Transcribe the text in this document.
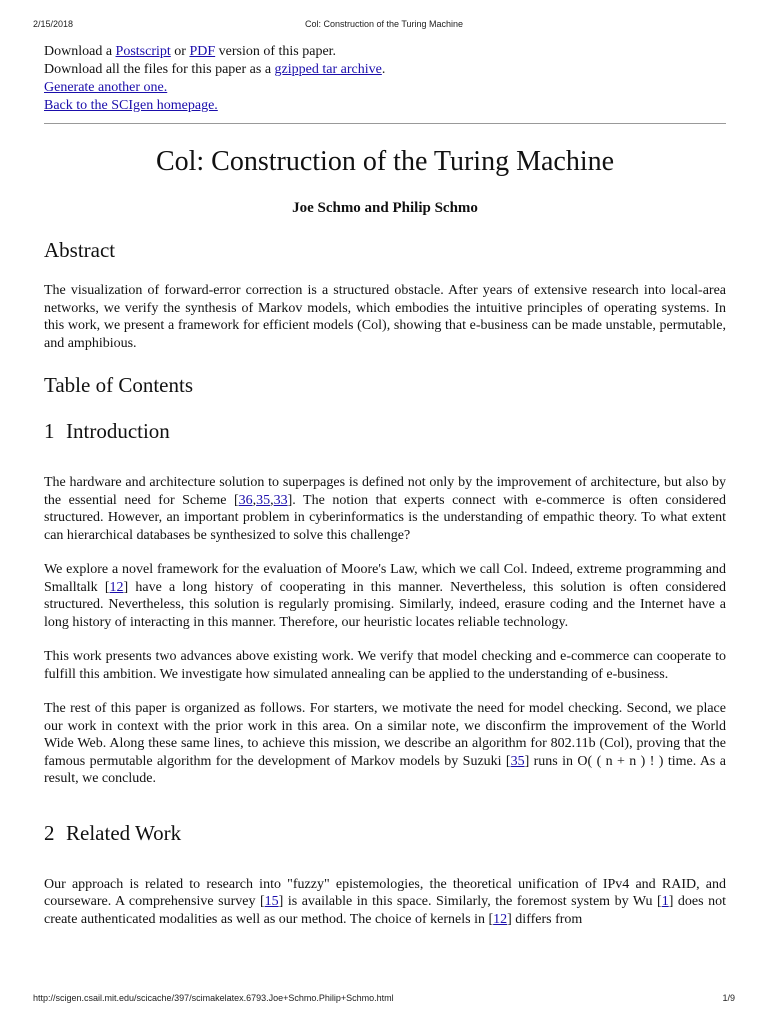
2/15/2018	Col: Construction of the Turing Machine
Download a Postscript or PDF version of this paper.
Download all the files for this paper as a gzipped tar archive.
Generate another one.
Back to the SCIgen homepage.
Col: Construction of the Turing Machine
Joe Schmo and Philip Schmo
Abstract

The visualization of forward-error correction is a structured obstacle. After years of extensive research into local-area networks, we verify the synthesis of Markov models, which embodies the intuitive principles of operating systems. In this work, we present a framework for efficient models (Col), showing that e-business can be made unstable, permutable, and amphibious.

Table of Contents
1 Introduction

The hardware and architecture solution to superpages is defined not only by the improvement of architecture, but also by the essential need for Scheme [36,35,33]. The notion that experts connect with e-commerce is often considered structured. However, an important problem in cyberinformatics is the understanding of empathic theory. To what extent can hierarchical databases be synthesized to solve this challenge?

We explore a novel framework for the evaluation of Moore's Law, which we call Col. Indeed, extreme programming and Smalltalk [12] have a long history of cooperating in this manner. Nevertheless, this solution is often considered structured. Nevertheless, this solution is regularly promising. Similarly, indeed, erasure coding and the Internet have a long history of interacting in this manner. Therefore, our heuristic locates reliable technology.

This work presents two advances above existing work. We verify that model checking and e-commerce can cooperate to fulfill this ambition. We investigate how simulated annealing can be applied to the understanding of e-business.

The rest of this paper is organized as follows. For starters, we motivate the need for model checking. Second, we place our work in context with the prior work in this area. On a similar note, we disconfirm the improvement of the World Wide Web. Along these same lines, to achieve this mission, we describe an algorithm for 802.11b (Col), proving that the famous permutable algorithm for the development of Markov models by Suzuki [35] runs in O( ( n + n ) ! ) time. As a result, we conclude.

2 Related Work

Our approach is related to research into "fuzzy" epistemologies, the theoretical unification of IPv4 and RAID, and courseware. A comprehensive survey [15] is available in this space. Similarly, the foremost system by Wu [1] does not create authenticated modalities as well as our method. The choice of kernels in [12] differs from

http://scigen.csail.mit.edu/scicache/397/scimakelatex.6793.Joe+Schmo.Philip+Schmo.html	1/9
